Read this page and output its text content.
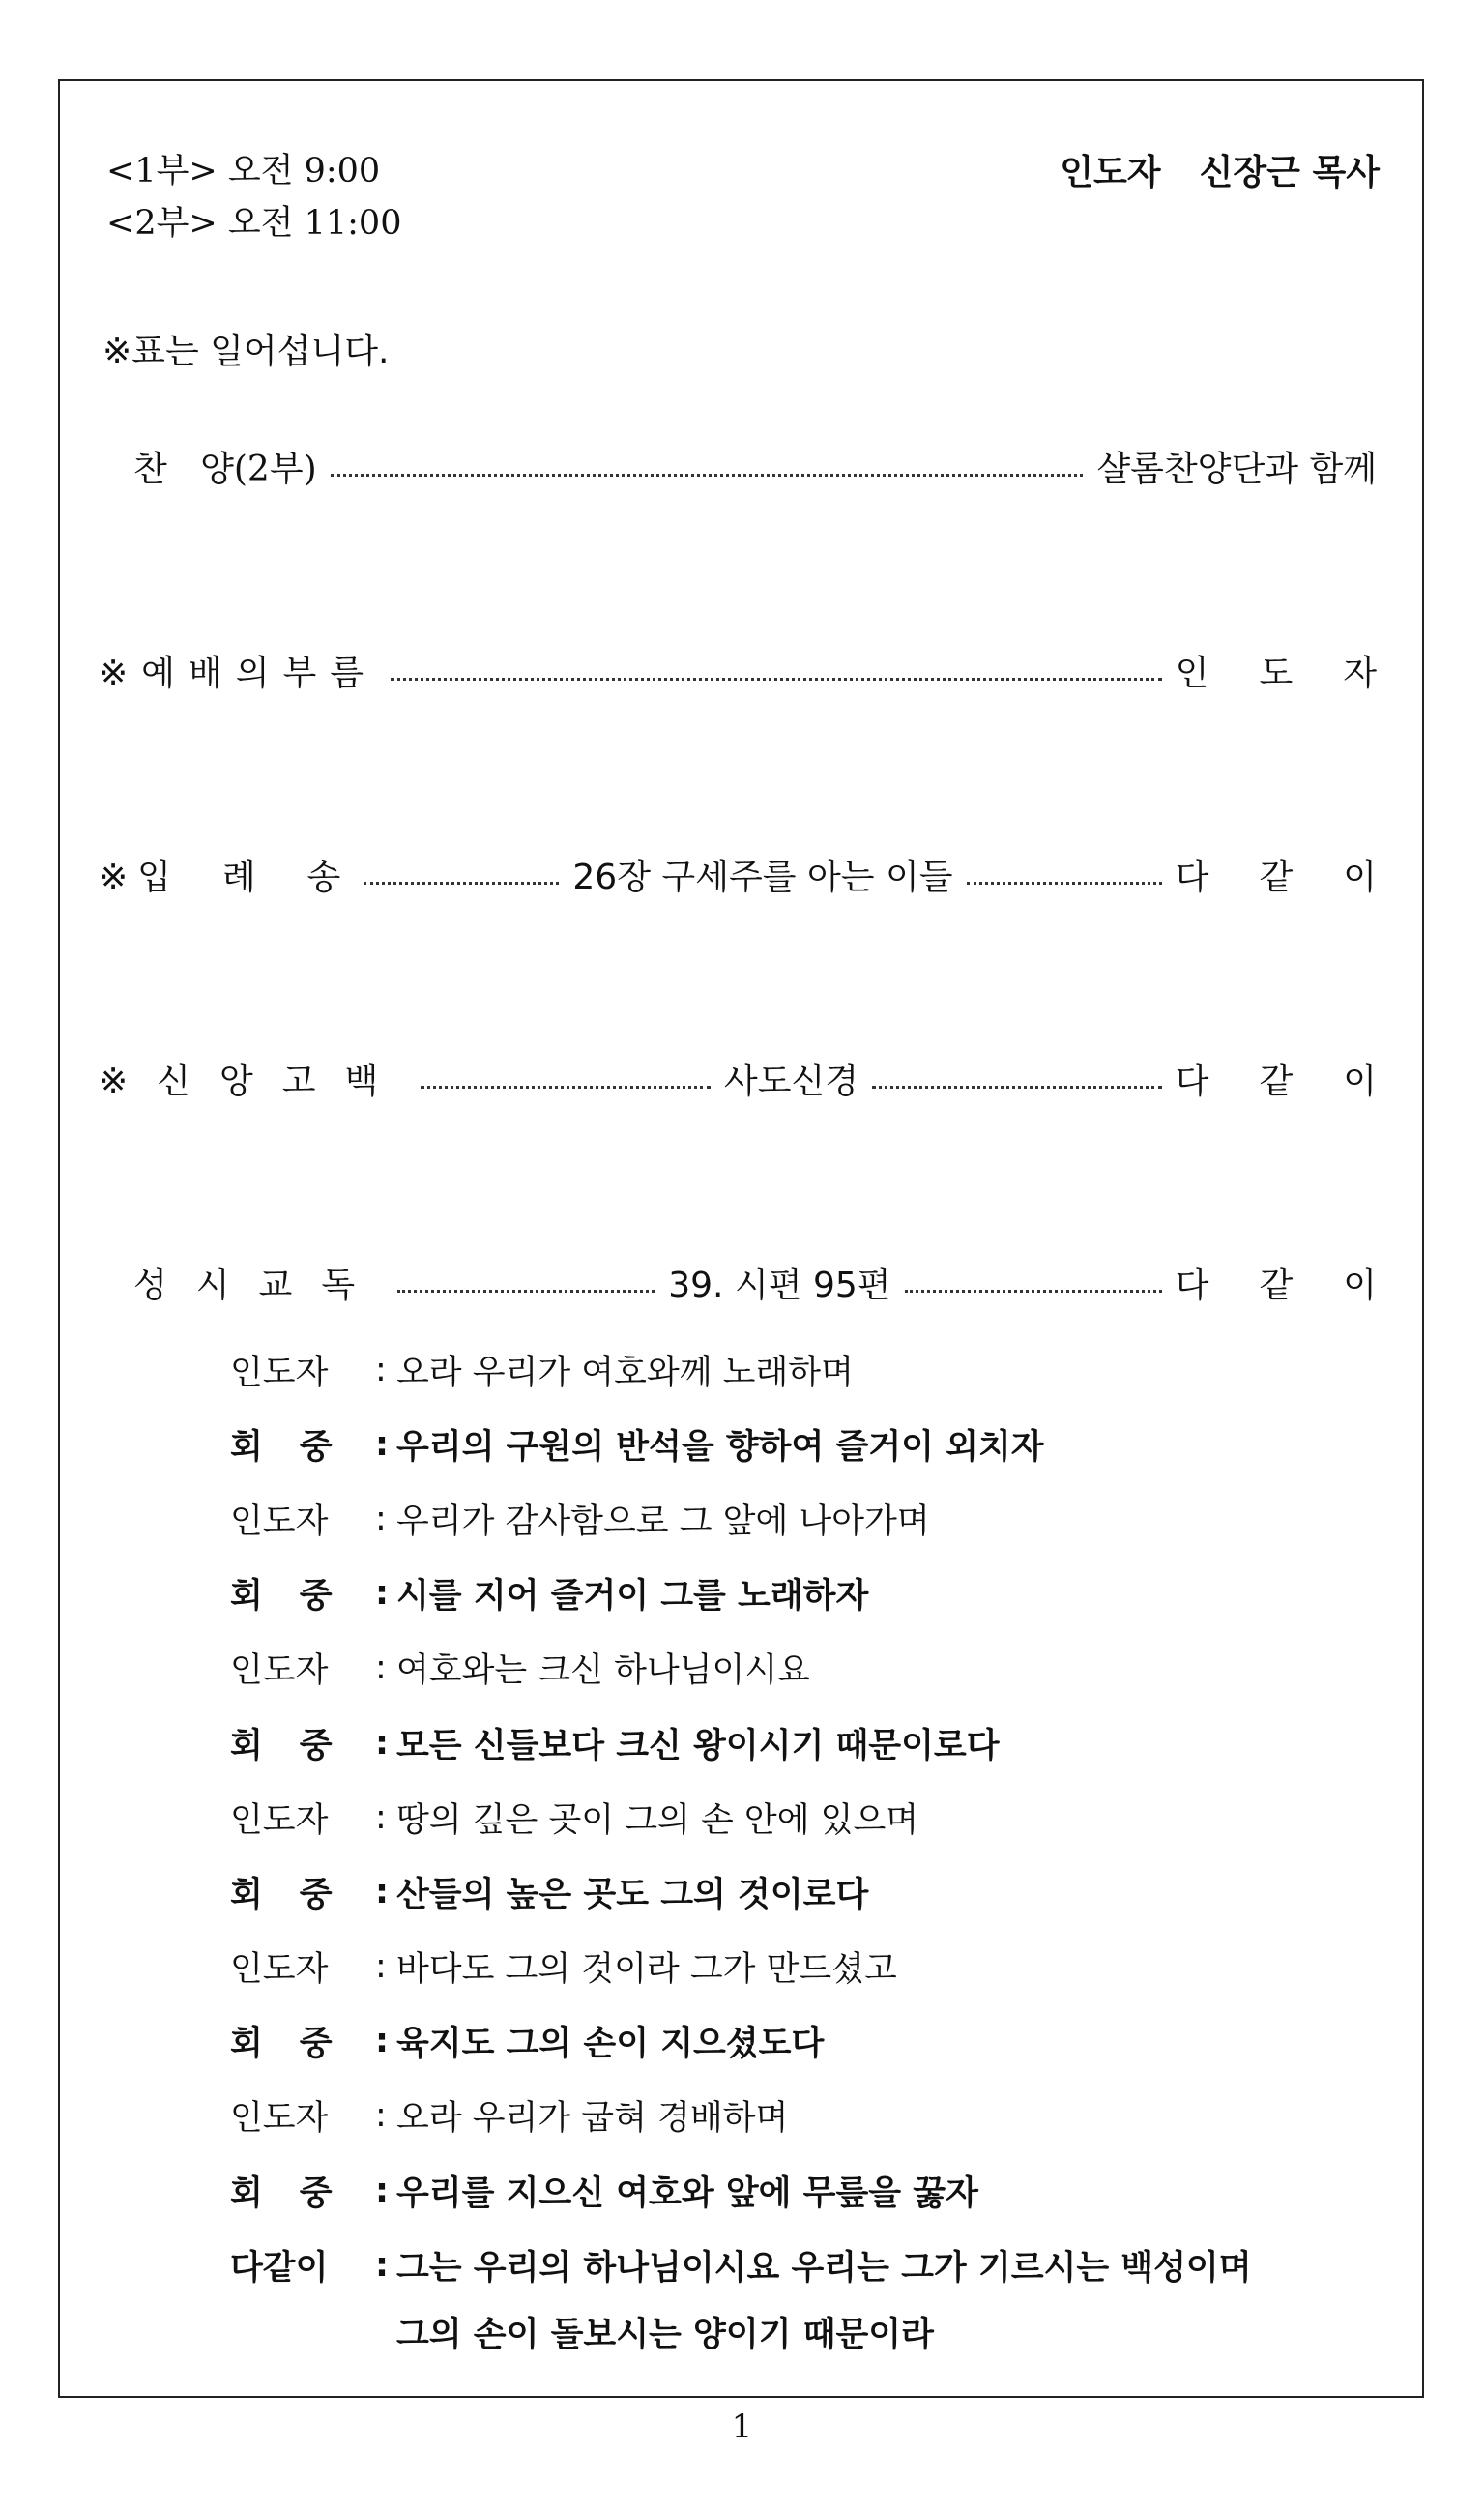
<1부> 오전 9:00
<2부> 오전 11:00
인도자 신장근 목사
※표는 일어섭니다.
찬   양(2부)	샬롬찬양단과 함께
※예배의부름	인도자
※입  례  송	26장 구세주를 아는 이들	다같이
※신앙고백	사도신경	다같이
성시교독	39. 시편 95편	다같이
인도자	: 오라 우리가 여호와께 노래하며
회중 : 우리의 구원의 반석을 향하여 즐거이 외치자
인도자	: 우리가 감사함으로 그 앞에 나아가며
회중 : 시를 지어 즐거이 그를 노래하자
인도자	: 여호와는 크신 하나님이시요
회중 : 모든 신들보다 크신 왕이시기 때문이로다
인도자	: 땅의 깊은 곳이 그의 손 안에 있으며
회중 : 산들의 높은 곳도 그의 것이로다
인도자	: 바다도 그의 것이라 그가 만드셨고
회중 : 육지도 그의 손이 지으셨도다
인도자	: 오라 우리가 굽혀 경배하며
회중 : 우리를 지으신 여호와 앞에 무릎을 꿇자
다같이	: 그는 우리의 하나님이시요 우리는 그가 기르시는 백성이며
그의 손이 돌보시는 양이기 때문이라
1
